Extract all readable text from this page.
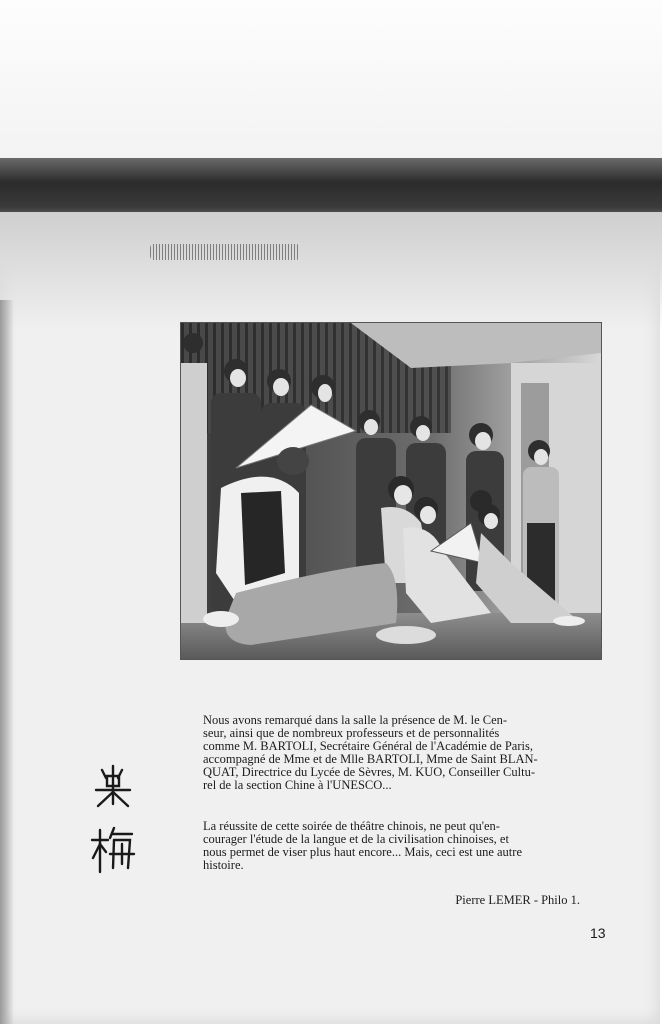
Nous avons remarqué dans la salle la présence de M. le Cen-
seur, ainsi que de nombreux professeurs et de personnalités
comme M. BARTOLI, Secrétaire Général de l'Académie de Paris,
accompagné de Mme et de Mlle BARTOLI, Mme de Saint BLAN-
QUAT, Directrice du Lycée de Sèvres, M. KUO, Conseiller Cultu-
rel de la section Chine à l'UNESCO...

La réussite de cette soirée de théâtre chinois, ne peut qu'en-
courager l'étude de la langue et de la civilisation chinoises, et
nous permet de viser plus haut encore... Mais, ceci est une autre
histoire.

Pierre LEMER - Philo 1.
13
